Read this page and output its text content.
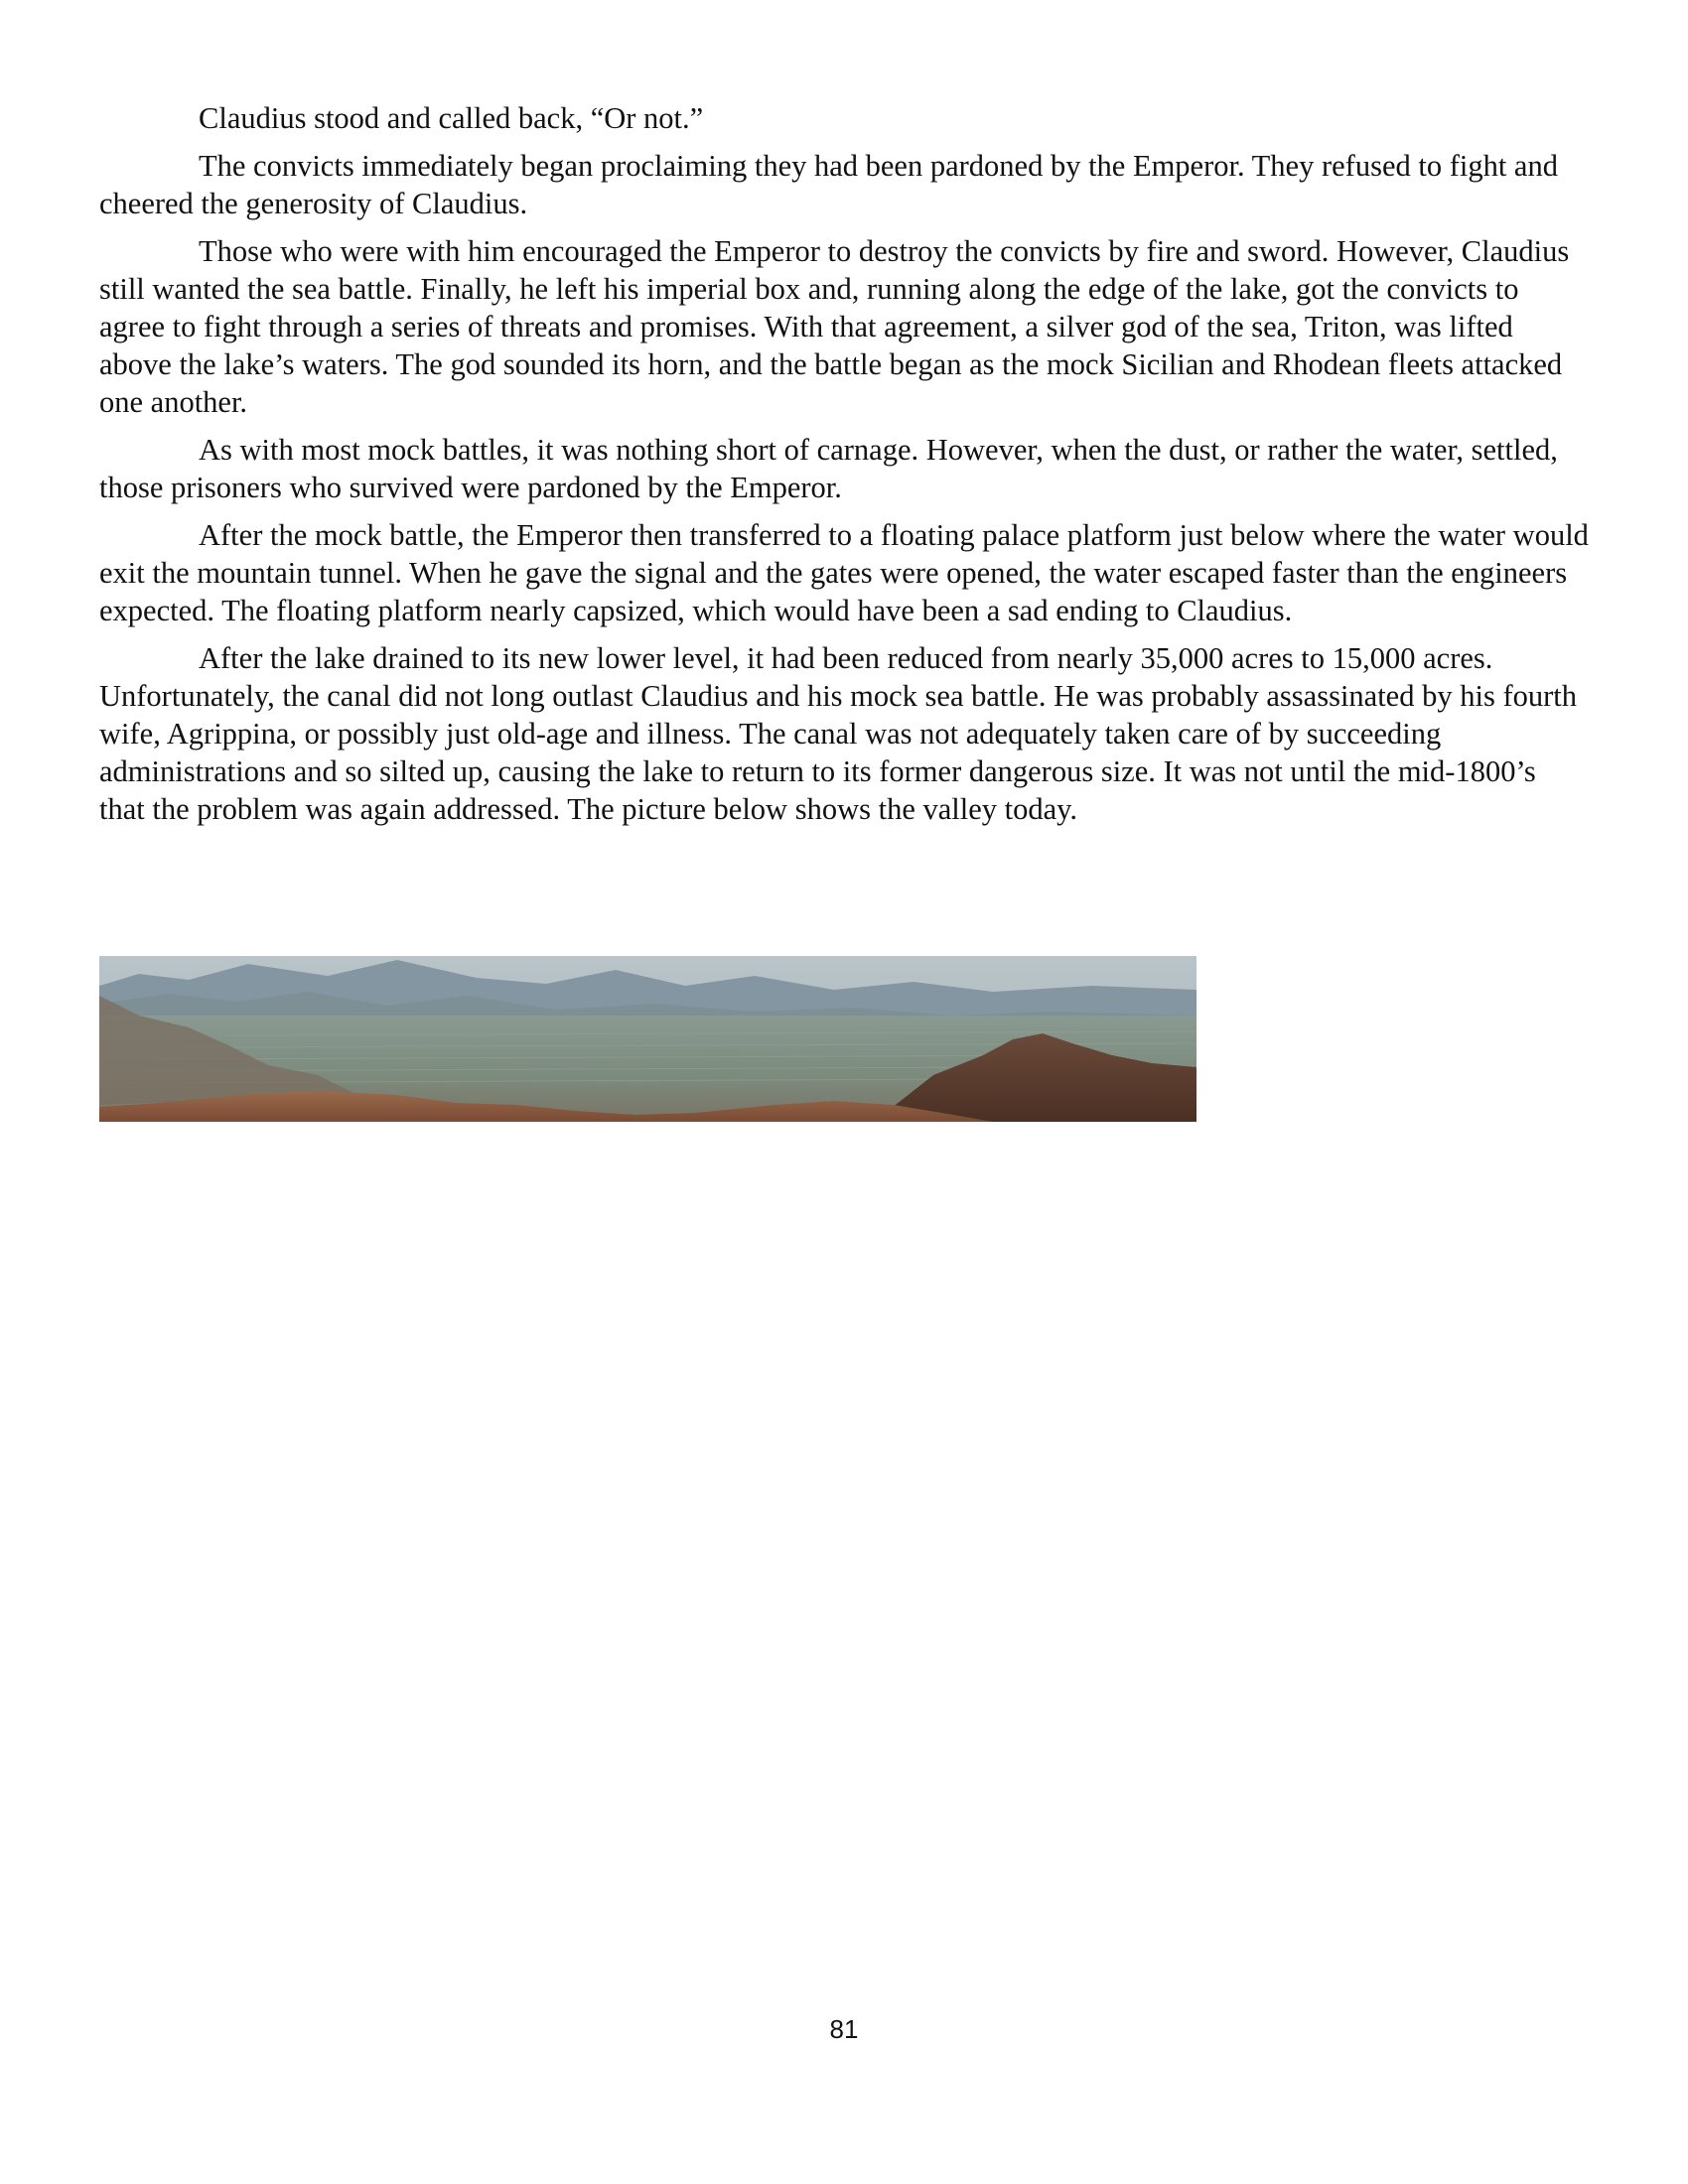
Claudius stood and called back, “Or not.”

The convicts immediately began proclaiming they had been pardoned by the Emperor. They refused to fight and cheered the generosity of Claudius.

Those who were with him encouraged the Emperor to destroy the convicts by fire and sword. However, Claudius still wanted the sea battle. Finally, he left his imperial box and, running along the edge of the lake, got the convicts to agree to fight through a series of threats and promises. With that agreement, a silver god of the sea, Triton, was lifted above the lake’s waters. The god sounded its horn, and the battle began as the mock Sicilian and Rhodean fleets attacked one another.

As with most mock battles, it was nothing short of carnage. However, when the dust, or rather the water, settled, those prisoners who survived were pardoned by the Emperor.

After the mock battle, the Emperor then transferred to a floating palace platform just below where the water would exit the mountain tunnel. When he gave the signal and the gates were opened, the water escaped faster than the engineers expected. The floating platform nearly capsized, which would have been a sad ending to Claudius.

After the lake drained to its new lower level, it had been reduced from nearly 35,000 acres to 15,000 acres. Unfortunately, the canal did not long outlast Claudius and his mock sea battle. He was probably assassinated by his fourth wife, Agrippina, or possibly just old-age and illness. The canal was not adequately taken care of by succeeding administrations and so silted up, causing the lake to return to its former dangerous size. It was not until the mid-1800’s that the problem was again addressed. The picture below shows the valley today.

81
